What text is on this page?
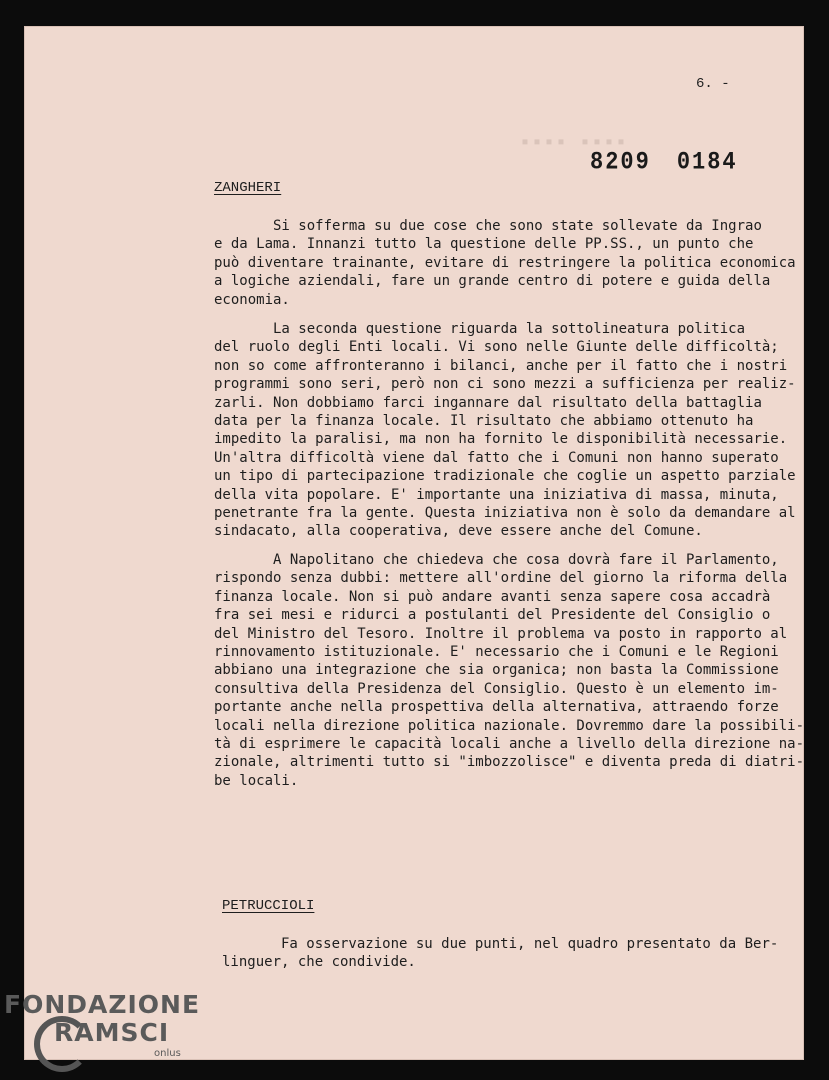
▪▪▪▪ ▪▪▪▪
6. -
8209 0184
ZANGHERI
Si sofferma su due cose che sono state sollevate da Ingrao
e da Lama. Innanzi tutto la questione delle PP.SS., un punto che
può diventare trainante, evitare di restringere la politica economica
a logiche aziendali, fare un grande centro di potere e guida della
economia.
La seconda questione riguarda la sottolineatura politica
del ruolo degli Enti locali. Vi sono nelle Giunte delle difficoltà;
non so come affronteranno i bilanci, anche per il fatto che i nostri
programmi sono seri, però non ci sono mezzi a sufficienza per realiz-
zarli. Non dobbiamo farci ingannare dal risultato della battaglia
data per la finanza locale. Il risultato che abbiamo ottenuto ha
impedito la paralisi, ma non ha fornito le disponibilità necessarie.
Un'altra difficoltà viene dal fatto che i Comuni non hanno superato
un tipo di partecipazione tradizionale che coglie un aspetto parziale
della vita popolare. E' importante una iniziativa di massa, minuta,
penetrante fra la gente. Questa iniziativa non è solo da demandare al
sindacato, alla cooperativa, deve essere anche del Comune.
A Napolitano che chiedeva che cosa dovrà fare il Parlamento,
rispondo senza dubbi: mettere all'ordine del giorno la riforma della
finanza locale. Non si può andare avanti senza sapere cosa accadrà
fra sei mesi e ridurci a postulanti del Presidente del Consiglio o
del Ministro del Tesoro. Inoltre il problema va posto in rapporto al
rinnovamento istituzionale. E' necessario che i Comuni e le Regioni
abbiano una integrazione che sia organica; non basta la Commissione
consultiva della Presidenza del Consiglio. Questo è un elemento im-
portante anche nella prospettiva della alternativa, attraendo forze
locali nella direzione politica nazionale. Dovremmo dare la possibili-
tà di esprimere le capacità locali anche a livello della direzione na-
zionale, altrimenti tutto si "imbozzolisce" e diventa preda di diatri-
be locali.
PETRUCCIOLI
Fa osservazione su due punti, nel quadro presentato da Ber-
linguer, che condivide.
FONDAZIONE
RAMSCI
onlus
